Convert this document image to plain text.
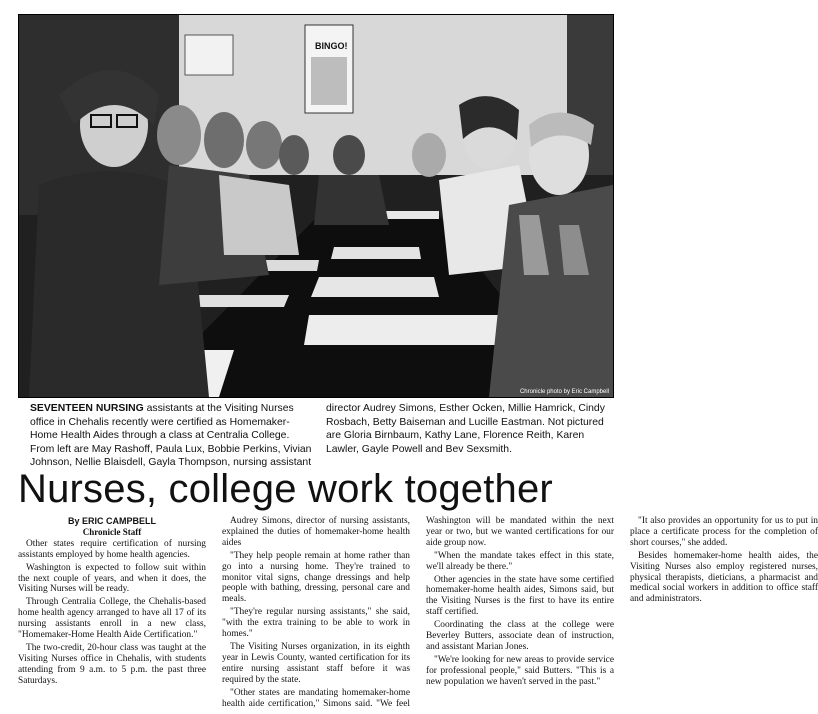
BINGO!
Chronicle photo by Eric Campbell
SEVENTEEN NURSING assistants at the Visiting Nurses office in Chehalis recently were certified as Homemaker-Home Health Aides through a class at Centralia College. From left are May Rashoff, Paula Lux, Bobbie Perkins, Vivian Johnson, Nellie Blaisdell, Gayla Thompson, nursing assistant director Audrey Simons, Esther Ocken, Millie Hamrick, Cindy Rosbach, Betty Baiseman and Lucille Eastman. Not pictured are Gloria Birnbaum, Kathy Lane, Florence Reith, Karen Lawler, Gayle Powell and Bev Sexsmith.
Nurses, college work together
By ERIC CAMPBELL
Chronicle Staff

Other states require certification of nursing assistants employed by home health agencies.

Washington is expected to follow suit within the next couple of years, and when it does, the Visiting Nurses will be ready.

Through Centralia College, the Chehalis-based home health agency arranged to have all 17 of its nursing assistants enroll in a new class, "Homemaker-Home Health Aide Certification."

The two-credit, 20-hour class was taught at the Visiting Nurses office in Chehalis, with students attending from 9 a.m. to 5 p.m. the past three Saturdays.

Audrey Simons, director of nursing assistants, explained the duties of homemaker-home health aides

"They help people remain at home rather than go into a nursing home. They're trained to monitor vital signs, change dressings and help people with bathing, dressing, personal care and meals.

"They're regular nursing assistants," she said, "with the extra training to be able to work in homes."

The Visiting Nurses organization, in its eighth year in Lewis County, wanted certification for its entire nursing assistant staff before it was required by the state.

"Other states are mandating homemaker-home health aide certification," Simons said. "We feel Washington will be mandated within the next year or two, but we wanted certifications for our aide group now.

"When the mandate takes effect in this state, we'll already be there."

Other agencies in the state have some certified homemaker-home health aides, Simons said, but the Visiting Nurses is the first to have its entire staff certified.

Coordinating the class at the college were Beverley Butters, associate dean of instruction, and assistant Marian Jones.

"We're looking for new areas to provide service for professional people," said Butters. "This is a new population we haven't served in the past."

"It also provides an opportunity for us to put in place a certificate process for the completion of short courses," she added.

Besides homemaker-home health aides, the Visiting Nurses also employ registered nurses, physical therapists, dieticians, a pharmacist and medical social workers in addition to office staff and administrators.
